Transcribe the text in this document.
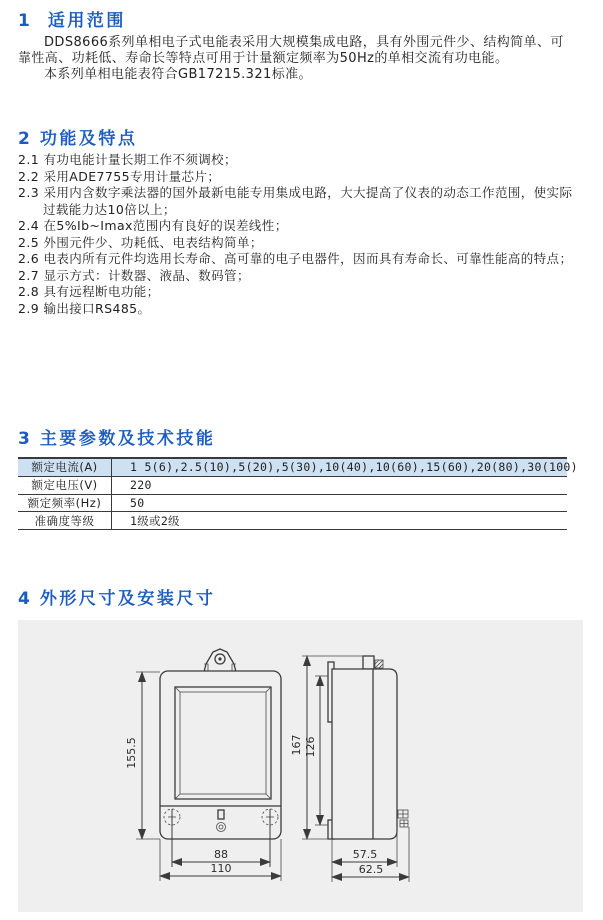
1 适用范围

DDS8666系列单相电子式电能表采用大规模集成电路，具有外围元件少、结构简单、可靠性高、功耗低、寿命长等特点可用于计量额定频率为50Hz的单相交流有功电能。

本系列单相电能表符合GB17215.321标准。

2 功能及特点
2.1 有功电能计量长期工作不须调校；
2.2 采用ADE7755专用计量芯片；
2.3 采用内含数字乘法器的国外最新电能专用集成电路，大大提高了仪表的动态工作范围，使实际过载能力达10倍以上；
2.4 在5%Ib~Imax范围内有良好的误差线性；
2.5 外围元件少、功耗低、电表结构简单；
2.6 电表内所有元件均选用长寿命、高可靠的电子电器件，因而具有寿命长、可靠性能高的特点；
2.7 显示方式：计数器、液晶、数码管；
2.8 具有远程断电功能；
2.9 输出接口RS485。
3 主要参数及技术技能
额定电流(A)	1 5(6),2.5(10),5(20),5(30),10(40),10(60),15(60),20(80),30(100)
额定电压(V)	220
额定频率(Hz)	50
准确度等级	1级或2级
4 外形尺寸及安装尺寸
155.5
88
110
167 126
57.5
62.5
